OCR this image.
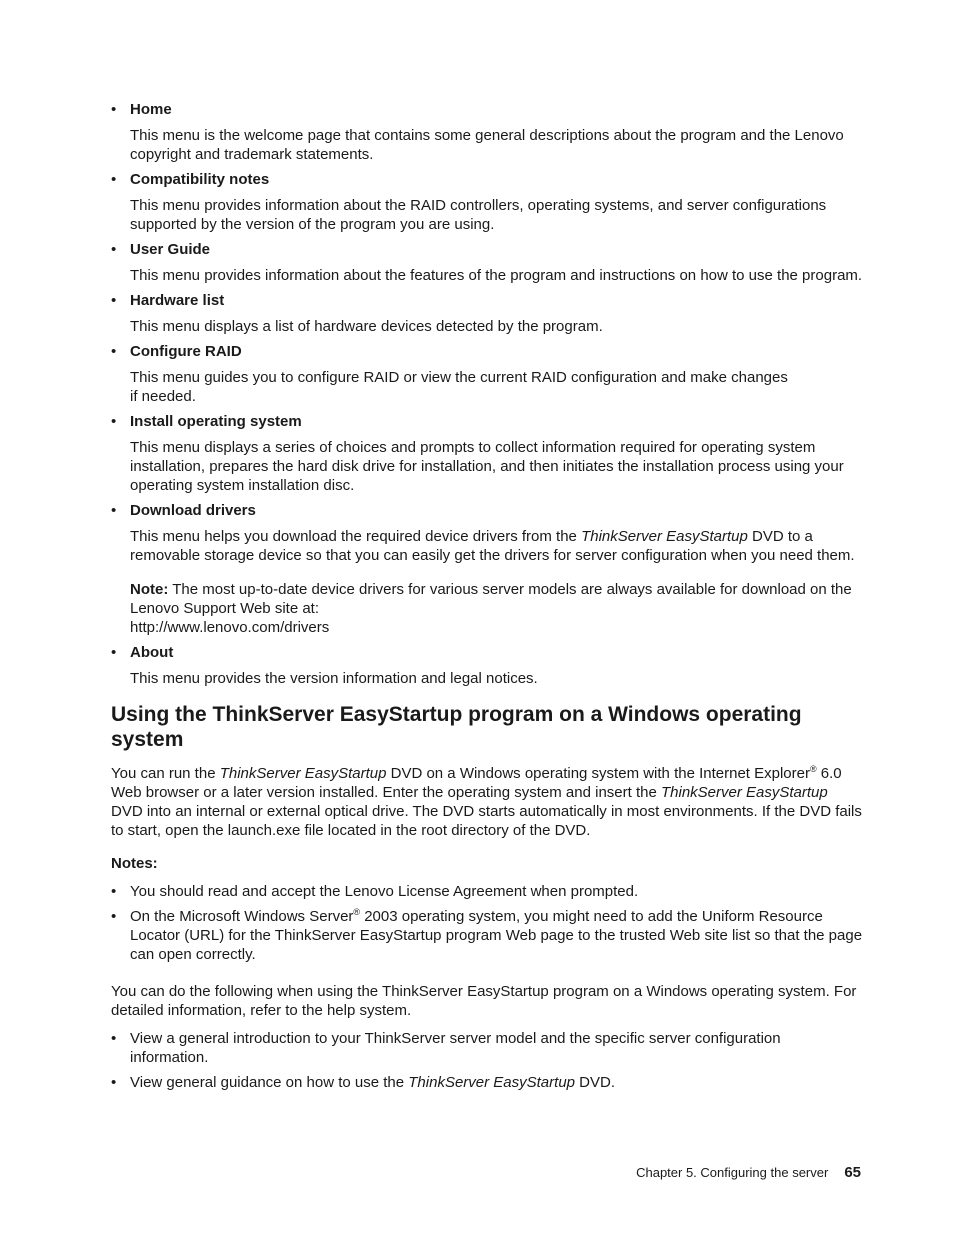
• Home

This menu is the welcome page that contains some general descriptions about the program and the Lenovo copyright and trademark statements.

• Compatibility notes

This menu provides information about the RAID controllers, operating systems, and server configurations supported by the version of the program you are using.

• User Guide

This menu provides information about the features of the program and instructions on how to use the program.

• Hardware list

This menu displays a list of hardware devices detected by the program.

• Configure RAID

This menu guides you to configure RAID or view the current RAID configuration and make changes
if needed.

• Install operating system

This menu displays a series of choices and prompts to collect information required for operating system installation, prepares the hard disk drive for installation, and then initiates the installation process using your operating system installation disc.

• Download drivers

This menu helps you download the required device drivers from the ThinkServer EasyStartup DVD to a removable storage device so that you can easily get the drivers for server configuration when you need them.

Note: The most up-to-date device drivers for various server models are always available for download on the Lenovo Support Web site at:
http://www.lenovo.com/drivers

• About

This menu provides the version information and legal notices.

Using the ThinkServer EasyStartup program on a Windows operating system

You can run the ThinkServer EasyStartup DVD on a Windows operating system with the Internet Explorer® 6.0 Web browser or a later version installed. Enter the operating system and insert the ThinkServer EasyStartup DVD into an internal or external optical drive. The DVD starts automatically in most environments. If the DVD fails to start, open the launch.exe file located in the root directory of the DVD.

Notes:

• You should read and accept the Lenovo License Agreement when prompted.
• On the Microsoft Windows Server® 2003 operating system, you might need to add the Uniform Resource Locator (URL) for the ThinkServer EasyStartup program Web page to the trusted Web site list so that the page can open correctly.

You can do the following when using the ThinkServer EasyStartup program on a Windows operating system. For detailed information, refer to the help system.

• View a general introduction to your ThinkServer server model and the specific server configuration information.
• View general guidance on how to use the ThinkServer EasyStartup DVD.
Chapter 5. Configuring the server 65
